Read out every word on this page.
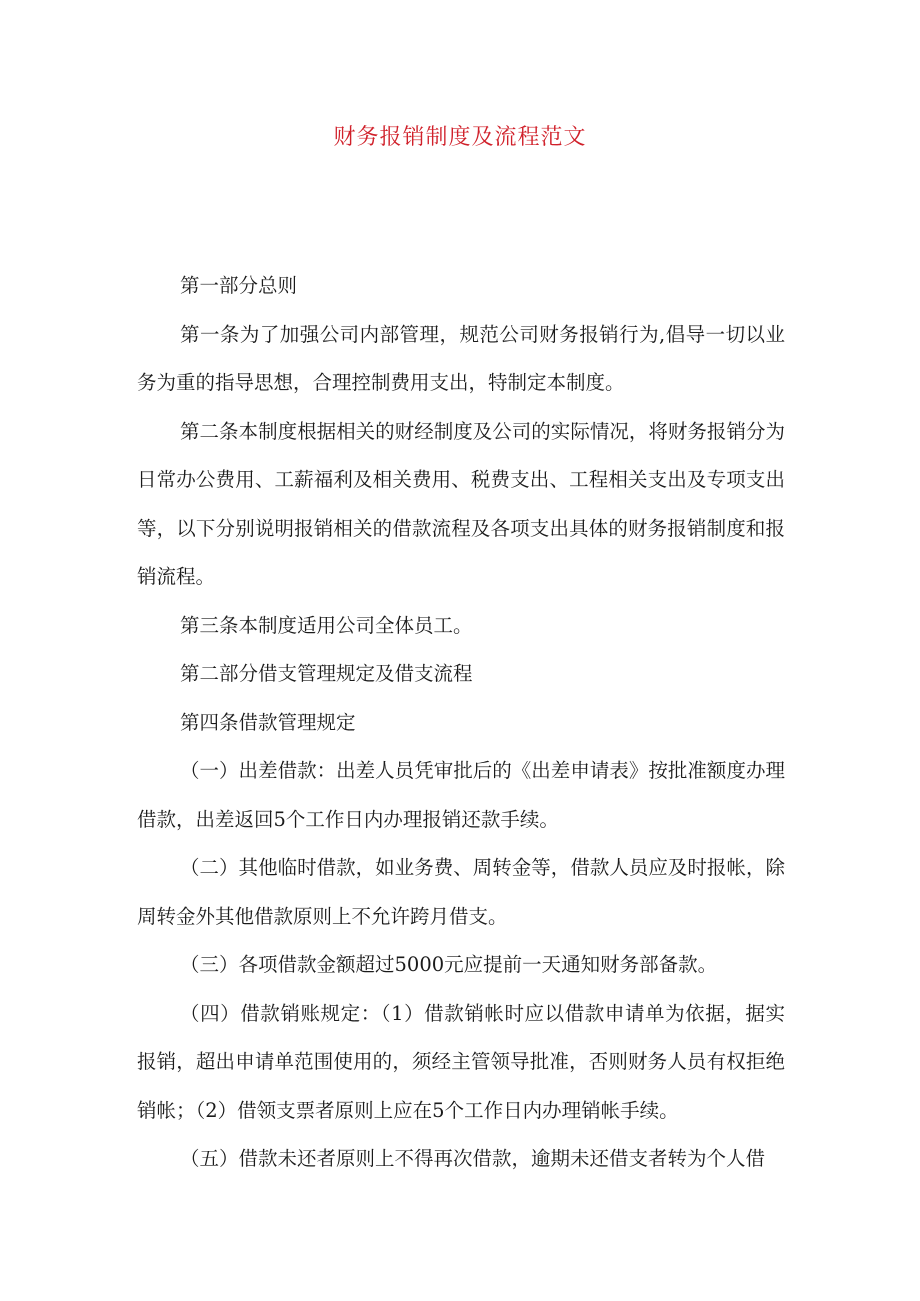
财务报销制度及流程范文

第一部分总则

第一条为了加强公司内部管理，规范公司财务报销行为,倡导一切以业务为重的指导思想，合理控制费用支出，特制定本制度。

第二条本制度根据相关的财经制度及公司的实际情况，将财务报销分为日常办公费用、工薪福利及相关费用、税费支出、工程相关支出及专项支出等，以下分别说明报销相关的借款流程及各项支出具体的财务报销制度和报销流程。

第三条本制度适用公司全体员工。

第二部分借支管理规定及借支流程

第四条借款管理规定

（一）出差借款：出差人员凭审批后的《出差申请表》按批准额度办理借款，出差返回5个工作日内办理报销还款手续。

（二）其他临时借款，如业务费、周转金等，借款人员应及时报帐，除周转金外其他借款原则上不允许跨月借支。

（三）各项借款金额超过5000元应提前一天通知财务部备款。

（四）借款销账规定：（1）借款销帐时应以借款申请单为依据，据实报销，超出申请单范围使用的，须经主管领导批准，否则财务人员有权拒绝销帐；（2）借领支票者原则上应在5个工作日内办理销帐手续。

（五）借款未还者原则上不得再次借款，逾期未还借支者转为个人借
